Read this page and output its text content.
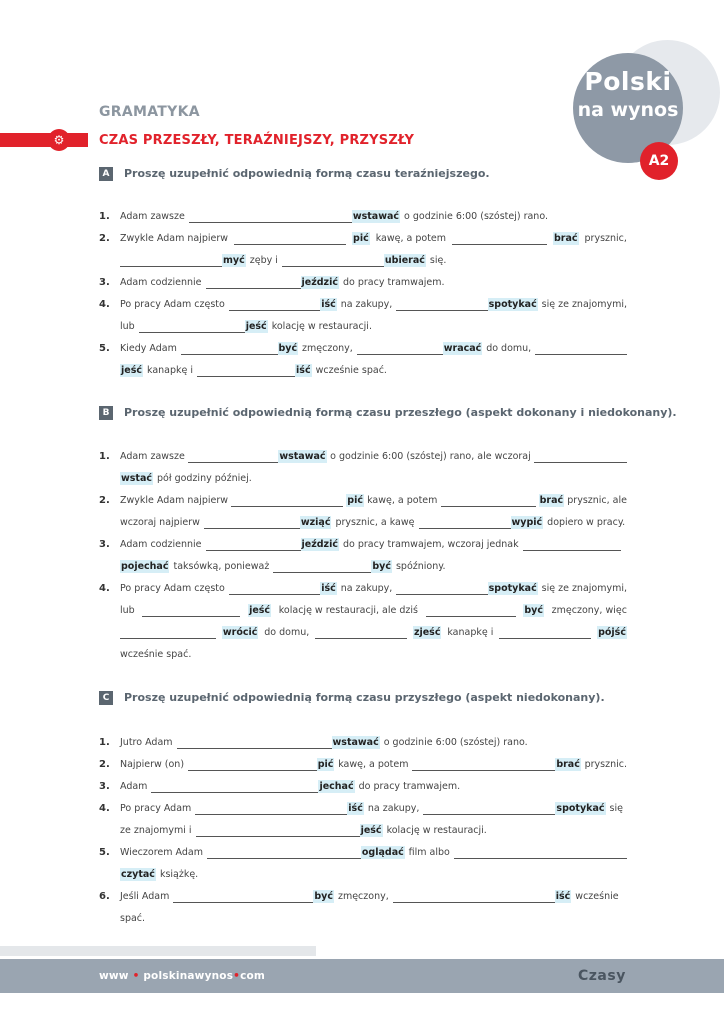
GRAMATYKA
⚙	CZAS PRZESZŁY, TERAŹNIEJSZY, PRZYSZŁY
Polski
na wynos
A2
A	Proszę uzupełnić odpowiednią formą czasu teraźniejszego.
1. Adam zawsze	wstawać o godzinie 6:00 (szóstej) rano.
2. Zwykle Adam najpierw	pić kawę, a potem	brać prysznic,
myć zęby i	ubierać się.
3. Adam codziennie	jeździć do pracy tramwajem.
4. Po pracy Adam często	iść na zakupy,	spotykać się ze znajomymi,
lub	jeść kolację w restauracji.
5. Kiedy Adam	być zmęczony,	wracać do domu,
jeść kanapkę i	iść wcześnie spać.
B	Proszę uzupełnić odpowiednią formą czasu przeszłego (aspekt dokonany i niedokonany).
1. Adam zawsze	wstawać o godzinie 6:00 (szóstej) rano, ale wczoraj
wstać pół godziny później.
2. Zwykle Adam najpierw	pić kawę, a potem	brać prysznic, ale
wczoraj najpierw	wziąć prysznic, a kawę	wypić dopiero w pracy.
3. Adam codziennie	jeździć do pracy tramwajem, wczoraj jednak
pojechać taksówką, ponieważ	być spóźniony.
4. Po pracy Adam często	iść na zakupy,	spotykać się ze znajomymi,
lub	jeść kolację w restauracji, ale dziś	być zmęczony, więc
wrócić do domu,	zjeść kanapkę i	pójść
wcześnie spać.
C	Proszę uzupełnić odpowiednią formą czasu przyszłego (aspekt niedokonany).
1. Jutro Adam	wstawać o godzinie 6:00 (szóstej) rano.
2. Najpierw (on)	pić kawę, a potem	brać prysznic.
3. Adam	jechać do pracy tramwajem.
4. Po pracy Adam	iść na zakupy,	spotykać się
ze znajomymi i	jeść kolację w restauracji.
5. Wieczorem Adam	oglądać film albo
czytać książkę.
6. Jeśli Adam	być zmęczony,	iść wcześnie
spać.
www • polskinawynos•com	Czasy
